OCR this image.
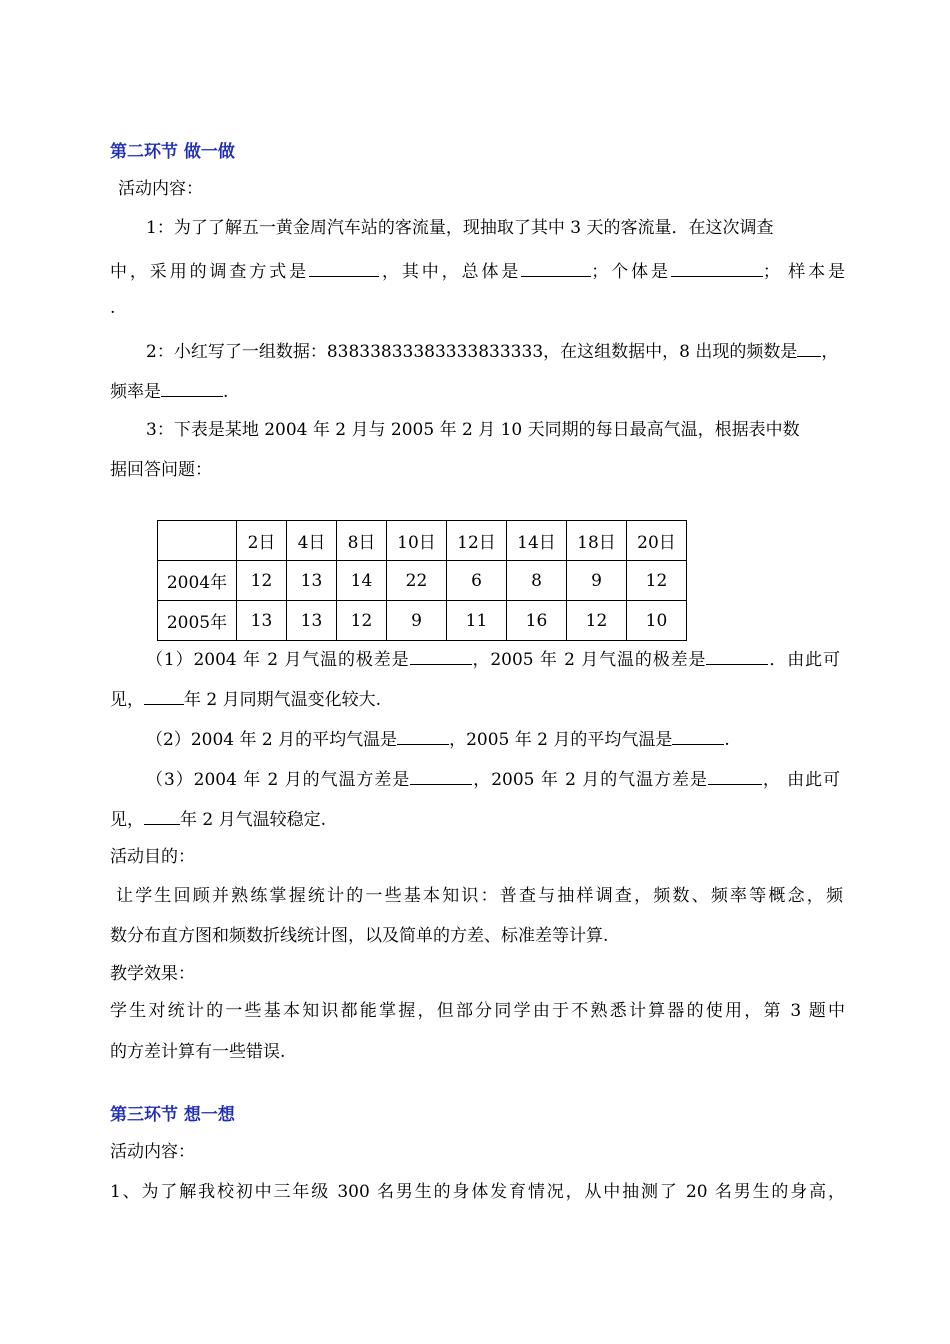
第二环节 做一做
活动内容：
1：为了了解五一黄金周汽车站的客流量，现抽取了其中 3 天的客流量．在这次调查
中，采用的调查方式是	，其中，总体是	；个体是	； 样本是
.
2：小红写了一组数据：83833833383333833333，在这组数据中，8 出现的频数是 ，
频率是	.
3：下表是某地 2004 年 2 月与 2005 年 2 月 10 天同期的每日最高气温，根据表中数
据回答问题：
	2日	4日	8日	10日	12日	14日	18日	20日
2004年	12	13	14	22	6	8	9	12
2005年	13	13	12	9	11	16	12	10
（1）2004 年 2 月气温的极差是	，2005 年 2 月气温的极差是	．由此可
见， 年 2 月同期气温变化较大.
（2）2004 年 2 月的平均气温是	，2005 年 2 月的平均气温是	.
（3）2004 年 2 月的气温方差是	，2005 年 2 月的气温方差是	， 由此可
见， 年 2 月气温较稳定.
活动目的：
让学生回顾并熟练掌握统计的一些基本知识：普查与抽样调查，频数、频率等概念，频
数分布直方图和频数折线统计图，以及简单的方差、标准差等计算.
教学效果：
学生对统计的一些基本知识都能掌握，但部分同学由于不熟悉计算器的使用，第 3 题中
的方差计算有一些错误.
第三环节 想一想
活动内容：
1、为了解我校初中三年级 300 名男生的身体发育情况，从中抽测了 20 名男生的身高，
